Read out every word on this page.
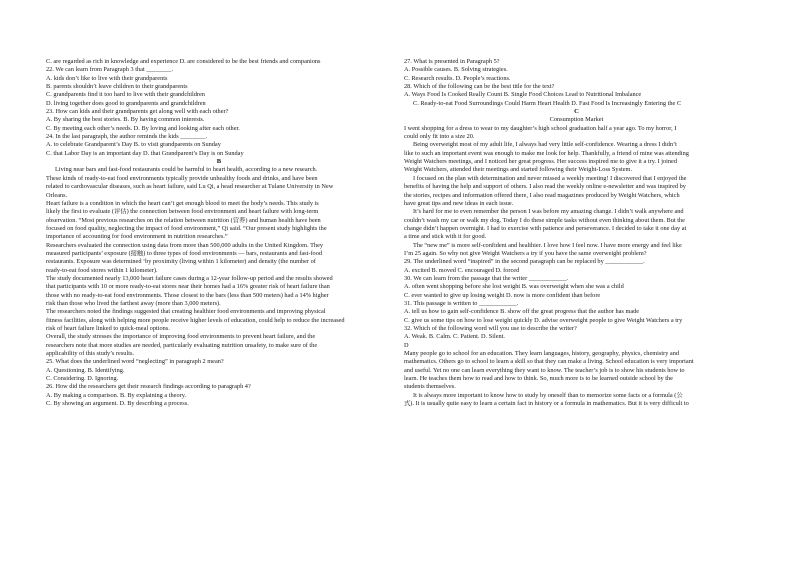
C. are regarded as rich in knowledge and experience D. are considered to be the best friends and companions
22. We can learn from Paragraph 3 that ________.
A. kids don’t like to live with their grandparents
B. parents shouldn’t leave children to their grandparents
C. grandparents find it too hard to live with their grandchildren
D. living together does good to grandparents and grandchildren
23. How can kids and their grandparents get along well with each other?
A. By sharing the best stories. B. By having common interests.
C. By meeting each other’s needs. D. By loving and looking after each other.
24. In the last paragraph, the author reminds the kids ________.
A. to celebrate Grandparent’s Day B. to visit grandparents on Sunday
C. that Labor Day is an important day D. that Grandparent’s Day is on Sunday
B
Living near bars and fast-food restaurants could be harmful to heart health, according to a new research.
These kinds of ready-to-eat food environments typically provide unhealthy foods and drinks, and have been
related to cardiovascular diseases, such as heart failure, said Lu Qi, a head researcher at Tulane University in New
Orleans.
Heart failure is a condition in which the heart can’t get enough blood to meet the body’s needs. This study is
likely the first to evaluate (评估) the connection between food environment and heart failure with long-term
observation. “Most previous researches on the relation between nutrition (营养) and human health have been
focused on food quality, neglecting the impact of food environment,” Qi said. “Our present study highlights the
importance of accounting for food environment in nutrition researches.”
Researchers evaluated the connection using data from more than 500,000 adults in the United Kingdom. They
measured participants’ exposure (接触) to three types of food environments — bars, restaurants and fast-food
restaurants. Exposure was determined ‘by proximity (living within 1 kilometer) and density (the number of
ready-to-eat food stores within 1 kilometer).
The study documented nearly 13,000 heart failure cases during a 12-year follow-up period and the results showed
that participants with 10 or more ready-to-eat stores near their homes had a 16% greater risk of heart failure than
those with no ready-to-eat food environments. Those closest to the bars (less than 500 meters) had a 14% higher
risk than those who lived the farthest away (more than 3,000 meters).
The researchers noted the findings suggested that creating healthier food environments and improving physical
fitness facilities, along with helping more people receive higher levels of education, could help to reduce the increased
risk of heart failure linked to quick-meal options.
Overall, the study stresses the importance of improving food environments to prevent heart failure, and the
researchers note that more studies are needed, particularly evaluating nutrition unsafety, to make sure of the
applicability of this study’s results.
25. What does the underlined word “neglecting” in paragraph 2 mean?
A. Questioning. B. Identifying.
C. Considering. D. Ignoring.
26. How did the researchers get their research findings according to paragraph 4?
A. By making a comparison. B. By explaining a theory.
C. By showing an argument. D. By describing a process.
27. What is presented in Paragraph 5?
A. Possible causes. B. Solving strategies.
C. Research results. D. People’s reactions.
28. Which of the following can be the best title for the text?
A. Ways Food Is Cooked Really Count B. Single Food Choices Lead to Nutritional Imbalance
C. Ready-to-eat Food Surroundings Could Harm Heart Health D. Fast Food Is Increasingly Entering the C
C
Consumption Market
I went shopping for a dress to wear to my daughter’s high school graduation half a year ago. To my horror, I
could only fit into a size 20.
Being overweight most of my adult life, I always had very little self-confidence. Wearing a dress I didn’t
like to such an important event was enough to make me look for help. Thankfully, a friend of mine was attending
Weight Watchers meetings, and I noticed her great progress. Her success inspired me to give it a try. I joined
Weight Watchers, attended their meetings and started following their Weight-Loss System.
I focused on the plan with determination and never missed a weekly meeting! I discovered that I enjoyed the
benefits of having the help and support of others. I also read the weekly online e-newsletter and was inspired by
the stories, recipes and information offered there, I also read magazines produced by Weight Watchers, which
have great tips and new ideas in each issue.
It’s hard for me to even remember the person I was before my amazing change. I didn’t walk anywhere and
couldn’t wash my car or walk my dog. Today I do these simple tasks without even thinking about them. But the
change didn’t happen overnight. I had to exercise with patience and perseverance. I decided to take it one day at
a time and stick with it for good.
The “new me” is more self-confident and healthier. I love how I feel now. I have more energy and feel like
I’m 25 again. So why not give Weight Watchers a try if you have the same overweight problem?
29. The underlined word “inspired” in the second paragraph can be replaced by ____________.
A. excited B. moved C. encouraged D. forced
30. We can learn from the passage that the writer ____________.
A. often went shopping before she lost weight B. was overweight when she was a child
C. ever wanted to give up losing weight D. now is more confident than before
31. This passage is written to ____________.
A. tell us how to gain self-confidence B. show off the great progress that the author has made
C. give us some tips on how to lose weight quickly D. advise overweight people to give Weight Watchers a try
32. Which of the following word will you use to describe the writer?
A. Weak. B. Calm. C. Patient. D. Silent.
D
Many people go to school for an education. They learn languages, history, geography, physics, chemistry and
mathematics. Others go to school to learn a skill so that they can make a living. School education is very important
and useful. Yet no one can learn everything they want to know. The teacher’s job is to show his students how to
learn. He teaches them how to read and how to think. So, much more is to be learned outside school by the
students themselves.
It is always more important to know how to study by oneself than to memorize some facts or a formula (公
式). It is usually quite easy to learn a certain fact in history or a formula in mathematics. But it is very difficult to
